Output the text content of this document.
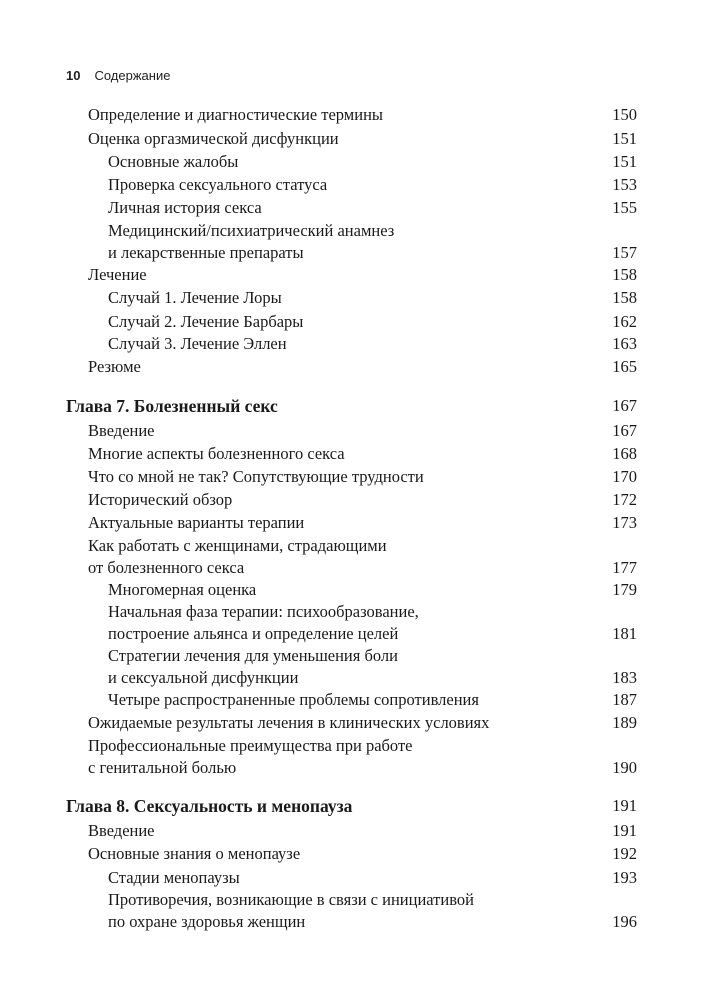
10 Содержание
Определение и диагностические термины	150
Оценка оргазмической дисфункции	151
Основные жалобы	151
Проверка сексуального статуса	153
Личная история секса	155
Медицинский/психиатрический анамнез
и лекарственные препараты	157
Лечение	158
Случай 1. Лечение Лоры	158
Случай 2. Лечение Барбары	162
Случай 3. Лечение Эллен	163
Резюме	165
Глава 7. Болезненный секс	167
Введение	167
Многие аспекты болезненного секса	168
Что со мной не так? Сопутствующие трудности	170
Исторический обзор	172
Актуальные варианты терапии	173
Как работать с женщинами, страдающими
от болезненного секса	177
Многомерная оценка	179
Начальная фаза терапии: психообразование,
построение альянса и определение целей	181
Стратегии лечения для уменьшения боли
и сексуальной дисфункции	183
Четыре распространенные проблемы сопротивления	187
Ожидаемые результаты лечения в клинических условиях	189
Профессиональные преимущества при работе
с генитальной болью	190
Глава 8. Сексуальность и менопауза	191
Введение	191
Основные знания о менопаузе	192
Стадии менопаузы	193
Противоречия, возникающие в связи с инициативой
по охране здоровья женщин	196
